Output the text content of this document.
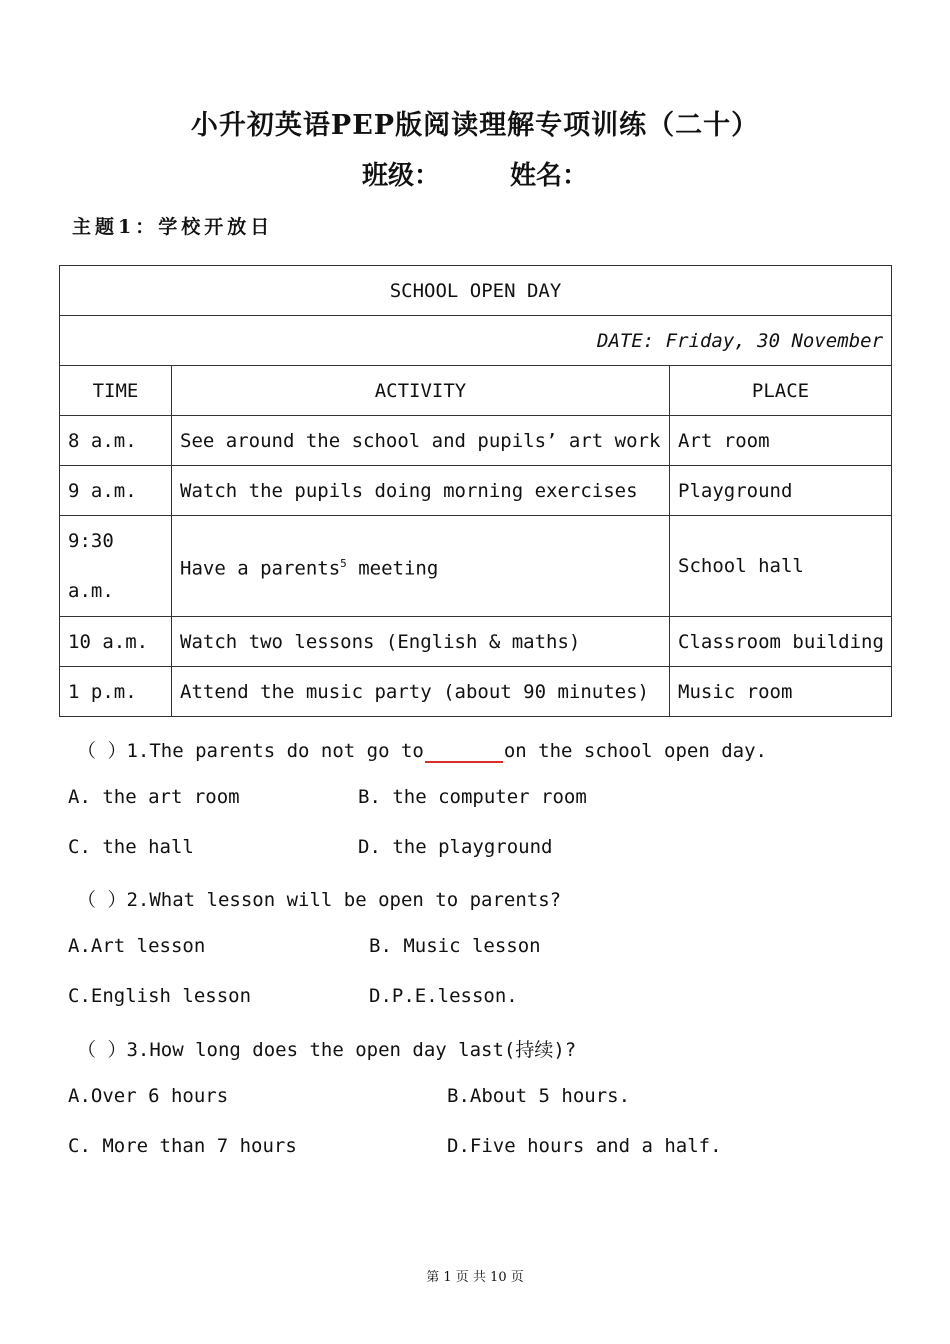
小升初英语PEP版阅读理解专项训练（二十）
班级：	姓名：
主题1：学校开放日
SCHOOL OPEN DAY		
DATE: Friday, 30 November		
TIME	ACTIVITY	PLACE
8 a.m.	See around the school and pupils’ art work	Art room
9 a.m.	Watch the pupils doing morning exercises	Playground

9:30
a.m.	Have a parents$^5$ meeting	School hall

10 a.m.	Watch two lessons (English & maths)	Classroom building
1 p.m.	Attend the music party (about 90 minutes)	Music room
（ ）1.The parents do not go to	on the school open day.
A. the art room	B. the computer room
C. the hall	D. the playground
（ ）2.What lesson will be open to parents?
A.Art lesson	B. Music lesson
C.English lesson	D.P.E.lesson.
（ ）3.How long does the open day last(持续)?
A.Over 6 hours	B.About 5 hours.
C. More than 7 hours	D.Five hours and a half.
第 1 页 共 10 页
